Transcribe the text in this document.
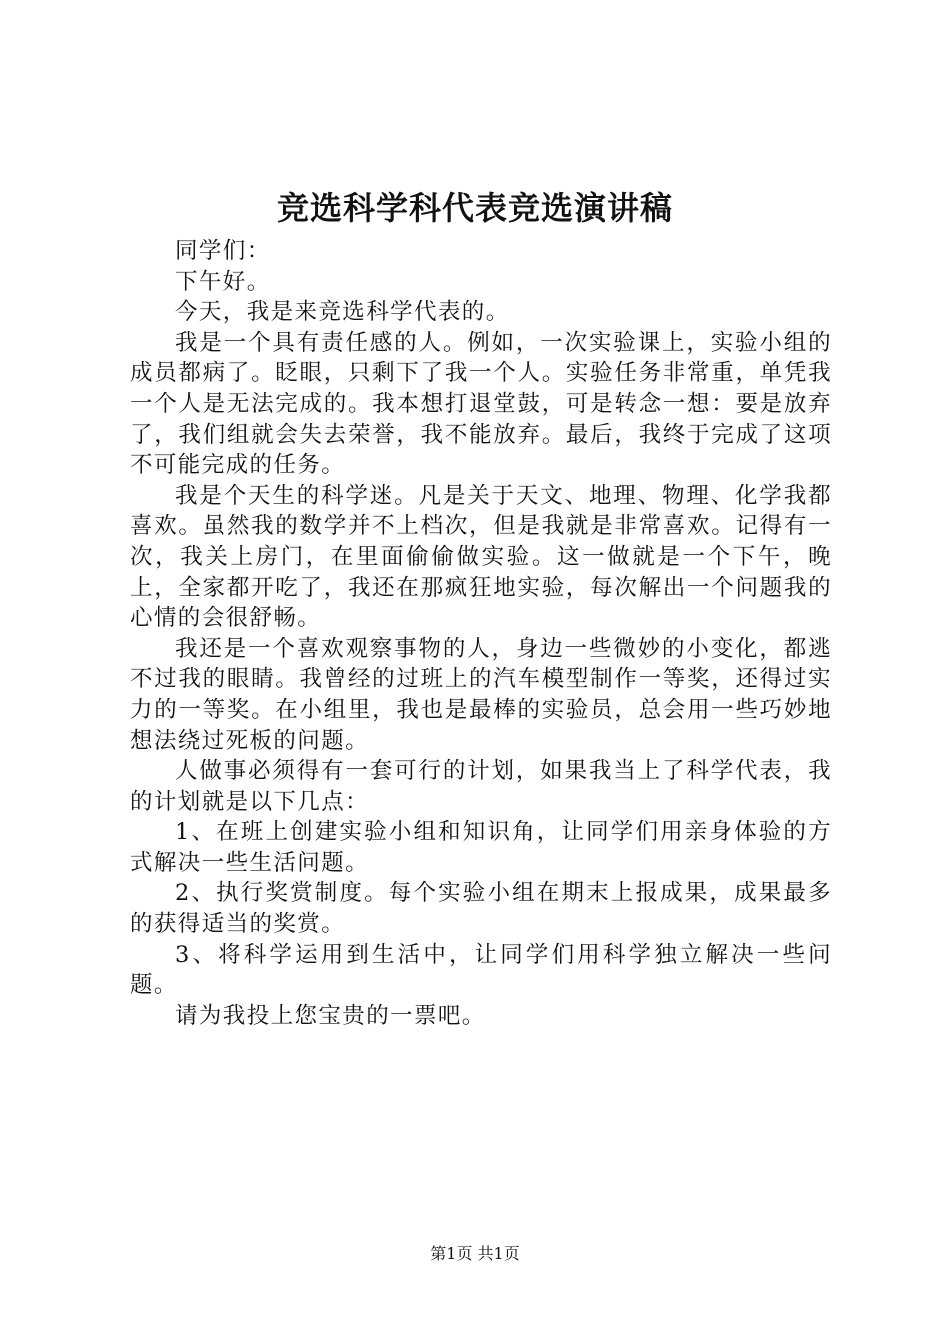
竞选科学科代表竞选演讲稿

同学们：

下午好。

今天，我是来竞选科学代表的。

我是一个具有责任感的人。例如，一次实验课上，实验小组的成员都病了。眨眼，只剩下了我一个人。实验任务非常重，单凭我一个人是无法完成的。我本想打退堂鼓，可是转念一想：要是放弃了，我们组就会失去荣誉，我不能放弃。最后，我终于完成了这项不可能完成的任务。

我是个天生的科学迷。凡是关于天文、地理、物理、化学我都喜欢。虽然我的数学并不上档次，但是我就是非常喜欢。记得有一次，我关上房门，在里面偷偷做实验。这一做就是一个下午，晚上，全家都开吃了，我还在那疯狂地实验，每次解出一个问题我的心情的会很舒畅。

我还是一个喜欢观察事物的人，身边一些微妙的小变化，都逃不过我的眼睛。我曾经的过班上的汽车模型制作一等奖，还得过实力的一等奖。在小组里，我也是最棒的实验员，总会用一些巧妙地想法绕过死板的问题。

人做事必须得有一套可行的计划，如果我当上了科学代表，我的计划就是以下几点：

1、在班上创建实验小组和知识角，让同学们用亲身体验的方式解决一些生活问题。

2、执行奖赏制度。每个实验小组在期末上报成果，成果最多的获得适当的奖赏。

3、将科学运用到生活中，让同学们用科学独立解决一些问题。

请为我投上您宝贵的一票吧。

第1页 共1页
